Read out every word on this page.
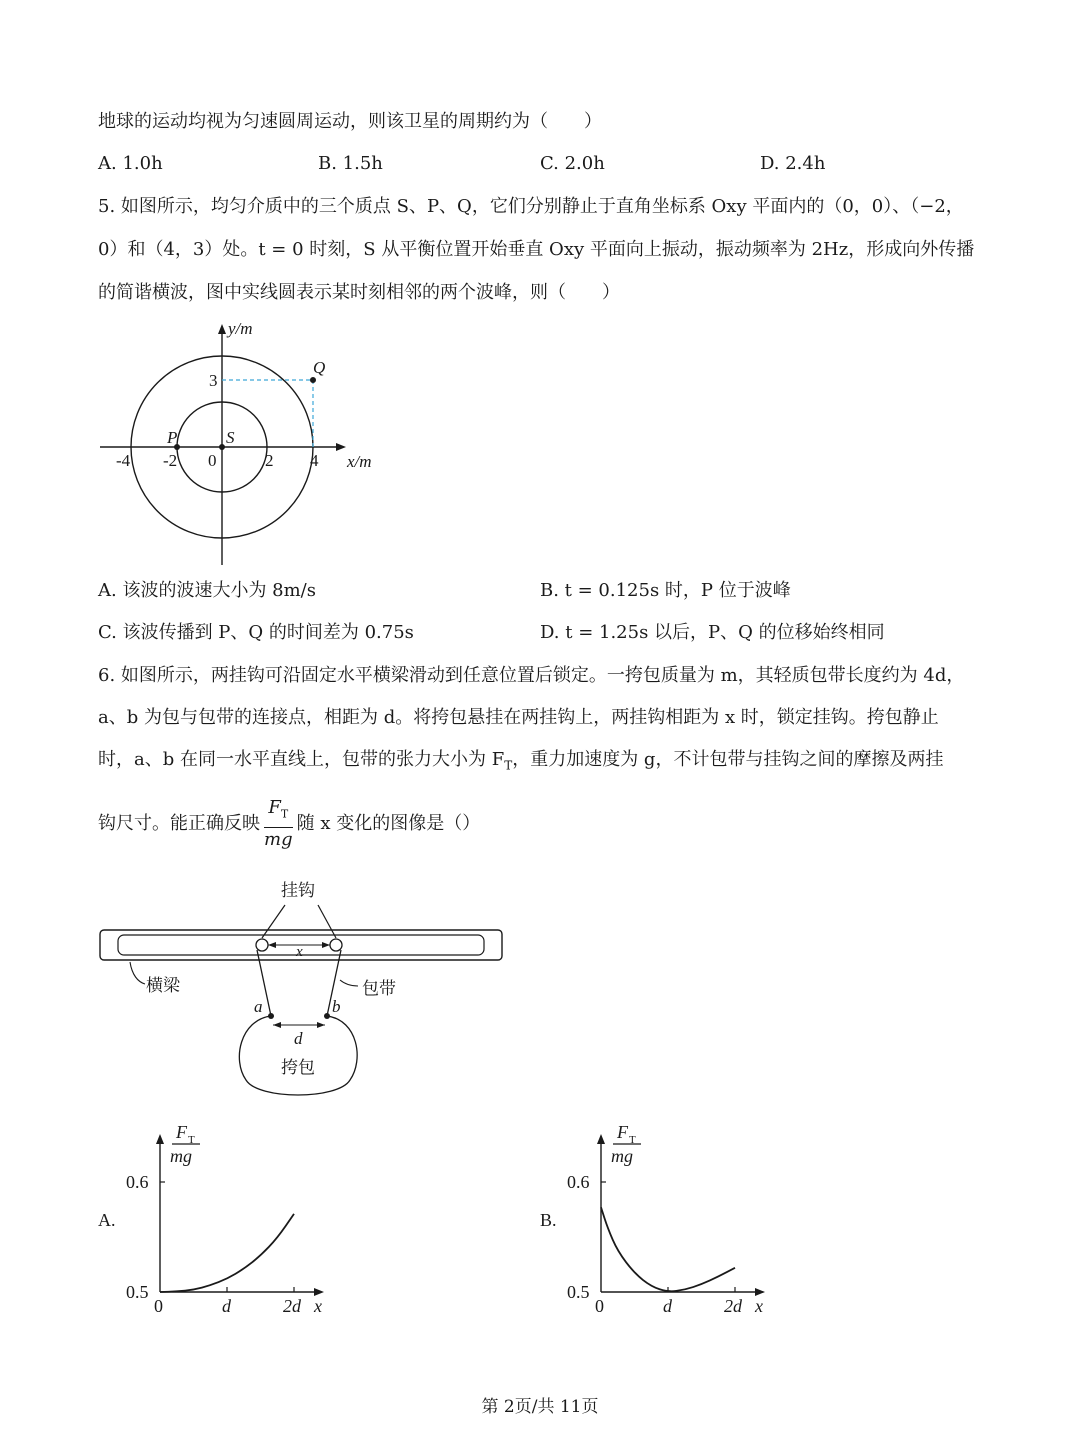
地球的运动均视为匀速圆周运动，则该卫星的周期约为（　　）
A. 1.0h	B. 1.5h	C. 2.0h	D. 2.4h
5. 如图所示，均匀介质中的三个质点 S、P、Q，它们分别静止于直角坐标系 Oxy 平面内的（0，0）、（−2，
0）和（4，3）处。t = 0 时刻，S 从平衡位置开始垂直 Oxy 平面向上振动，振动频率为 2Hz，形成向外传播
的简谐横波，图中实线圆表示某时刻相邻的两个波峰，则（　　）
y/m
x/m
3
-4 -2 0	2 4
P	S
Q
A. 该波的波速大小为 8m/s	B. t = 0.125s 时，P 位于波峰
C. 该波传播到 P、Q 的时间差为 0.75s	D. t = 1.25s 以后，P、Q 的位移始终相同
6. 如图所示，两挂钩可沿固定水平横梁滑动到任意位置后锁定。一挎包质量为 m，其轻质包带长度约为 4d，
a、b 为包与包带的连接点，相距为 d。将挎包悬挂在两挂钩上，两挂钩相距为 x 时，锁定挂钩。挎包静止
时，a、b 在同一水平直线上，包带的张力大小为 $F_T$，重力加速度为 g，不计包带与挂钩之间的摩擦及两挂
钩尺寸。能正确反映 $\frac{F_T}{mg}$ 随 x 变化的图像是（）
挂钩
横梁	包带
挎包
x
a	b
d
0.5
0.6
0	d	2d x
F T
mg
A.
0.5
0.6
0	d	2d x
F T
mg
B.
第 2页/共 11页
